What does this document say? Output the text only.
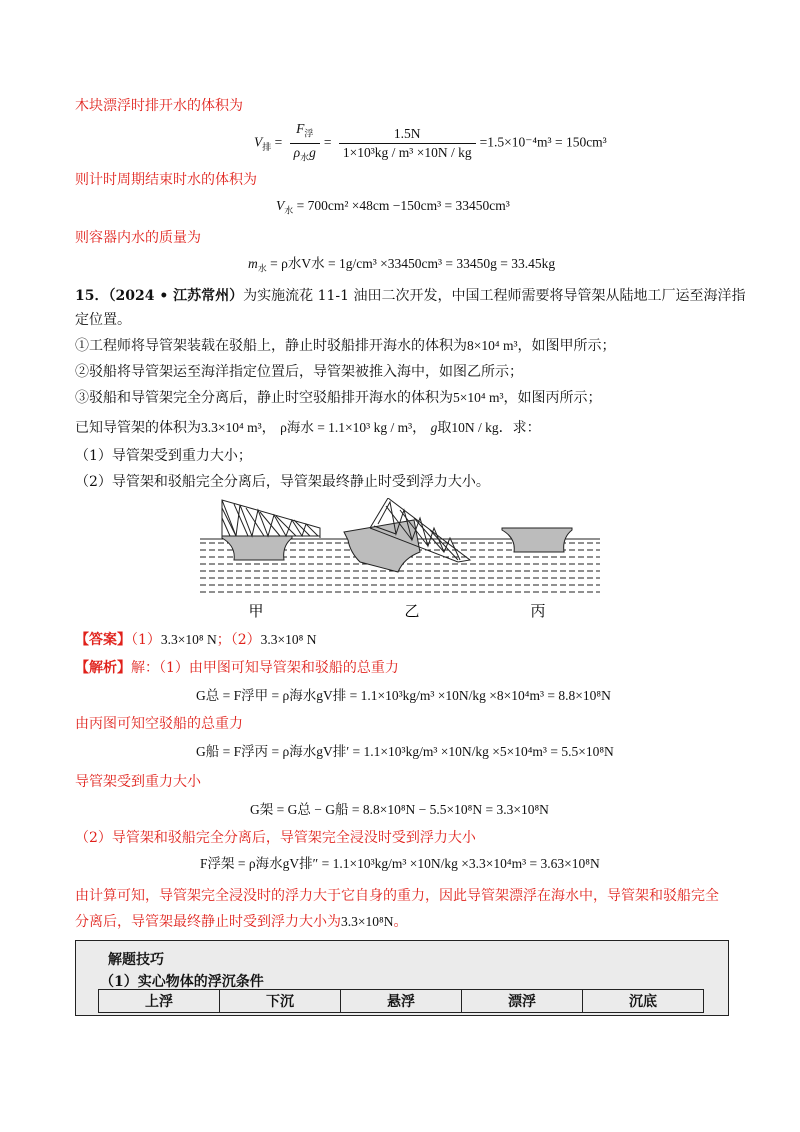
木块漂浮时排开水的体积为
$V_排 = \frac{F_浮}{\rho_水g} = \frac{1.5N}{\text{1×10³kg / m³ ×10N / kg}} =1.5\times 10^{-4}m^3 = 150cm^3$
则计时周期结束时水的体积为
$V_水 = 700cm^2 \times 48cm -150cm^3 = 33450cm^3$
则容器内水的质量为
$m_水 = \rho$水V水 = 1g/cm³ ×33450cm³ = 33450g = 33.45kg
15．（2024 • 江苏常州）为实施流花 11-1 油田二次开发，中国工程师需要将导管架从陆地工厂运至海洋指
定位置。
①工程师将导管架装载在驳船上，静止时驳船排开海水的体积为8×10⁴ m³，如图甲所示；
②驳船将导管架运至海洋指定位置后，导管架被推入海中，如图乙所示；
③驳船和导管架完全分离后，静止时空驳船排开海水的体积为5×10⁴ m³，如图丙所示；
已知导管架的体积为3.3×10⁴ m³， ρ海水 = 1.1×10³ kg / m³， g取10N / kg．求：
（1）导管架受到重力大小；
（2）导管架和驳船完全分离后，导管架最终静止时受到浮力大小。
甲	乙	丙
【答案】（1）3.3×10⁸ N；（2）3.3×10⁸ N
【解析】解：（1）由甲图可知导管架和驳船的总重力
G总 = F浮甲 = ρ海水gV排 = 1.1×10³kg/m³ ×10N/kg ×8×10⁴m³ = 8.8×10⁸N
由丙图可知空驳船的总重力
G船 = F浮丙 = ρ海水gV排′ = 1.1×10³kg/m³ ×10N/kg ×5×10⁴m³ = 5.5×10⁸N
导管架受到重力大小
G架 = G总 − G船 = 8.8×10⁸N − 5.5×10⁸N = 3.3×10⁸N
（2）导管架和驳船完全分离后，导管架完全浸没时受到浮力大小
F浮架 = ρ海水gV排″ = 1.1×10³kg/m³ ×10N/kg ×3.3×10⁴m³ = 3.63×10⁸N
由计算可知，导管架完全浸没时的浮力大于它自身的重力，因此导管架漂浮在海水中，导管架和驳船完全
分离后，导管架最终静止时受到浮力大小为3.3×10⁸N。
解题技巧
（1）实心物体的浮沉条件
上浮	下沉	悬浮	漂浮	沉底
